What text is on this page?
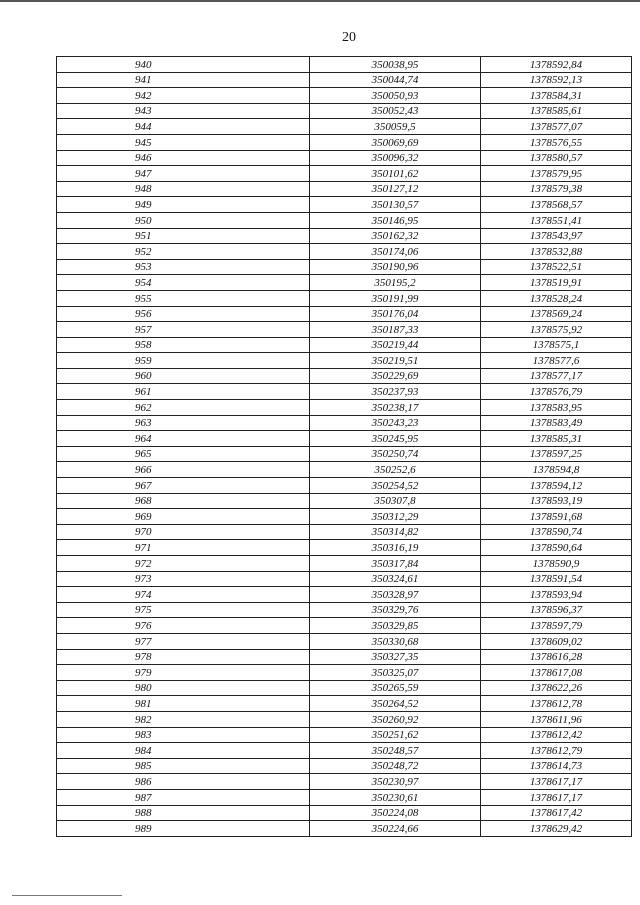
20
940	350038,95	1378592,84
941	350044,74	1378592,13
942	350050,93	1378584,31
943	350052,43	1378585,61
944	350059,5	1378577,07
945	350069,69	1378576,55
946	350096,32	1378580,57
947	350101,62	1378579,95
948	350127,12	1378579,38
949	350130,57	1378568,57
950	350146,95	1378551,41
951	350162,32	1378543,97
952	350174,06	1378532,88
953	350190,96	1378522,51
954	350195,2	1378519,91
955	350191,99	1378528,24
956	350176,04	1378569,24
957	350187,33	1378575,92
958	350219,44	1378575,1
959	350219,51	1378577,6
960	350229,69	1378577,17
961	350237,93	1378576,79
962	350238,17	1378583,95
963	350243,23	1378583,49
964	350245,95	1378585,31
965	350250,74	1378597,25
966	350252,6	1378594,8
967	350254,52	1378594,12
968	350307,8	1378593,19
969	350312,29	1378591,68
970	350314,82	1378590,74
971	350316,19	1378590,64
972	350317,84	1378590,9
973	350324,61	1378591,54
974	350328,97	1378593,94
975	350329,76	1378596,37
976	350329,85	1378597,79
977	350330,68	1378609,02
978	350327,35	1378616,28
979	350325,07	1378617,08
980	350265,59	1378622,26
981	350264,52	1378612,78
982	350260,92	1378611,96
983	350251,62	1378612,42
984	350248,57	1378612,79
985	350248,72	1378614,73
986	350230,97	1378617,17
987	350230,61	1378617,17
988	350224,08	1378617,42
989	350224,66	1378629,42
